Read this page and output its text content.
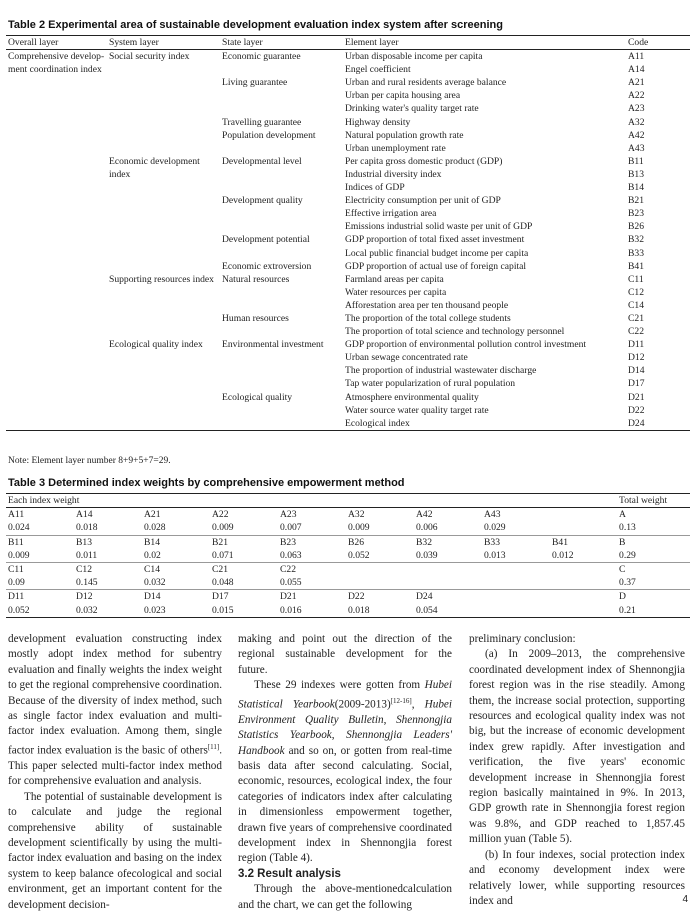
Table 2 Experimental area of sustainable development evaluation index system after screening
Overall layer	System layer	State layer	Element layer	Code
Comprehensive develop-	Social security index	Economic guarantee	Urban disposable income per capita	A11
ment coordination index			Engel coefficient	A14
		Living guarantee	Urban and rural residents average balance	A21
			Urban per capita housing area	A22
			Drinking water's quality target rate	A23
		Travelling guarantee	Highway density	A32
		Population development	Natural population growth rate	A42
			Urban unemployment rate	A43
	Economic development	Developmental level	Per capita gross domestic product (GDP)	B11
	index		Industrial diversity index	B13
			Indices of GDP	B14
		Development quality	Electricity consumption per unit of GDP	B21
			Effective irrigation area	B23
			Emissions industrial solid waste per unit of GDP	B26
		Development potential	GDP proportion of total fixed asset investment	B32
			Local public financial budget income per capita	B33
		Economic extroversion	GDP proportion of actual use of foreign capital	B41
	Supporting resources index	Natural resources	Farmland areas per capita	C11
			Water resources per capita	C12
			Afforestation area per ten thousand people	C14
		Human resources	The proportion of the total college students	C21
			The proportion of total science and technology personnel	C22
	Ecological quality index	Environmental investment	GDP proportion of environmental pollution control investment	D11
			Urban sewage concentrated rate	D12
			The proportion of industrial wastewater discharge	D14
			Tap water popularization of rural population	D17
		Ecological quality	Atmosphere environmental quality	D21
			Water source water quality target rate	D22
			Ecological index	D24
Note: Element layer number 8+9+5+7=29.
Table 3 Determined index weights by comprehensive empowerment method
Each index weight									Total weight
A11	A14	A21	A22	A23	A32	A42	A43		A
0.024	0.018	0.028	0.009	0.007	0.009	0.006	0.029		0.13
B11	B13	B14	B21	B23	B26	B32	B33	B41	B
0.009	0.011	0.02	0.071	0.063	0.052	0.039	0.013	0.012	0.29
C11	C12	C14	C21	C22					C
0.09	0.145	0.032	0.048	0.055					0.37
D11	D12	D14	D17	D21	D22	D24			D
0.052	0.032	0.023	0.015	0.016	0.018	0.054			0.21

development evaluation constructing index mostly adopt index method for subentry evaluation and finally weights the index weight to get the regional comprehensive coordination. Because of the diversity of index method, such as single factor index evaluation and multi-factor index evaluation. Among them, single factor index evaluation is the basic of others[11]. This paper selected multi-factor index method for comprehensive evaluation and analysis.

The potential of sustainable development is to calculate and judge the regional comprehensive ability of sustainable development scientifically by using the multi-factor index evaluation and basing on the index system to keep balance ofecological and social environment, get an important content for the development decision-

making and point out the direction of the regional sustainable development for the future.

These 29 indexes were gotten from Hubei Statistical Yearbook(2009-2013)[12-16], Hubei Environment Quality Bulletin, Shennongjia Statistics Yearbook, Shennongjia Leaders' Handbook and so on, or gotten from real-time basis data after second calculating. Social, economic, resources, ecological index, the four categories of indicators index after calculating in dimensionless empowerment together, drawn five years of comprehensive coordinated development index in Shennongjia forest region (Table 4).

3.2 Result analysis

Through the above-mentionedcalculation and the chart, we can get the following

preliminary conclusion:

(a) In 2009–2013, the comprehensive coordinated development index of Shennongjia forest region was in the rise steadily. Among them, the increase social protection, supporting resources and ecological quality index was not big, but the increase of economic development index grew rapidly. After investigation and verification, the five years' economic development increase in Shennongjia forest region basically maintained in 9%. In 2013, GDP growth rate in Shennongjia forest region was 9.8%, and GDP reached to 1,857.45 million yuan (Table 5).

(b) In four indexes, social protection index and economy development index were relatively lower, while supporting resources index and	4
